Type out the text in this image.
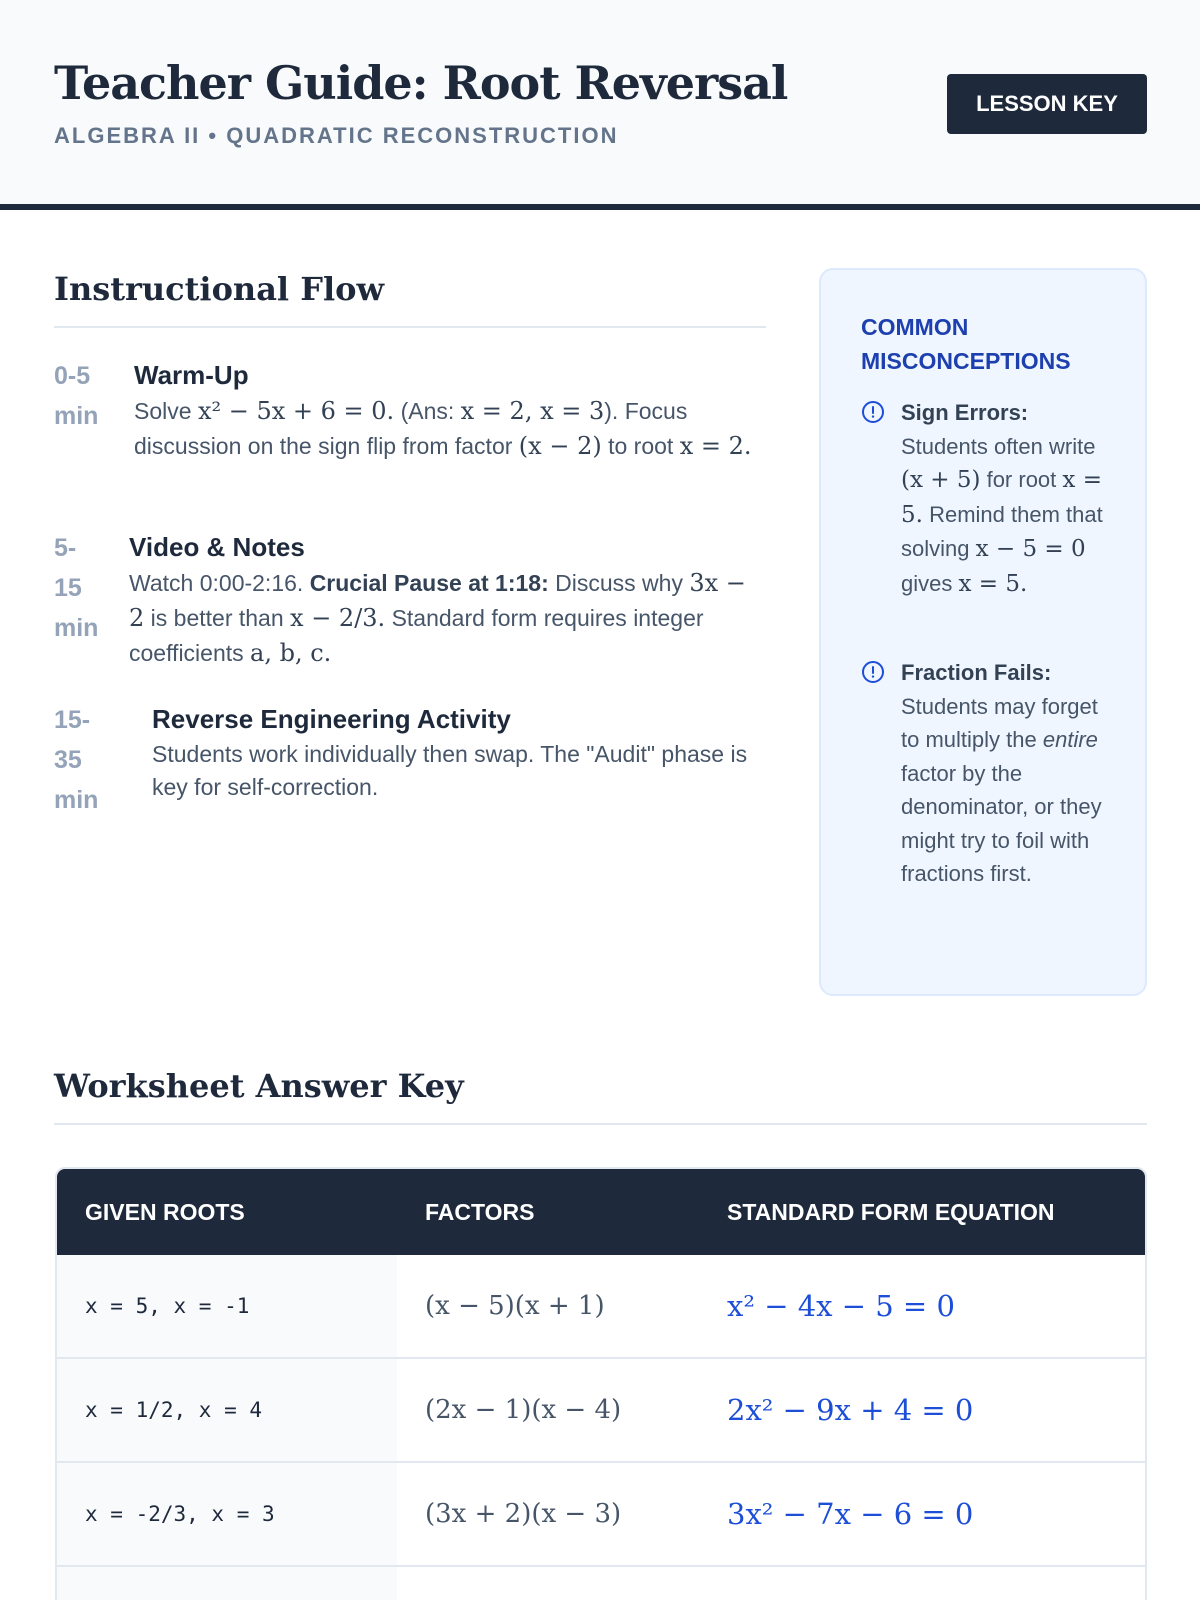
Teacher Guide: Root Reversal
ALGEBRA II • QUADRATIC RECONSTRUCTION
LESSON KEY
Instructional Flow
0-5
min
Warm-Up
Solve x² − 5x + 6 = 0. (Ans: x = 2, x = 3). Focus discussion on the sign flip from factor (x − 2) to root x = 2.
5-
15
min
Video & Notes
Watch 0:00-2:16. Crucial Pause at 1:18: Discuss why 3x − 2 is better than x − 2/3. Standard form requires integer coefficients a, b, c.
15-
35
min
Reverse Engineering Activity
Students work individually then swap. The "Audit" phase is key for self-correction.
COMMON MISCONCEPTIONS
Sign Errors: Students often write (x + 5) for root x = 5. Remind them that solving x − 5 = 0 gives x = 5.
Fraction Fails: Students may forget to multiply the entire factor by the denominator, or they might try to foil with fractions first.
Worksheet Answer Key
GIVEN ROOTS	FACTORS	STANDARD FORM EQUATION
x = 5, x = -1	(x − 5)(x + 1)	x² − 4x − 5 = 0
x = 1/2, x = 4	(2x − 1)(x − 4)	2x² − 9x + 4 = 0
x = -2/3, x = 3	(3x + 2)(x − 3)	3x² − 7x − 6 = 0
